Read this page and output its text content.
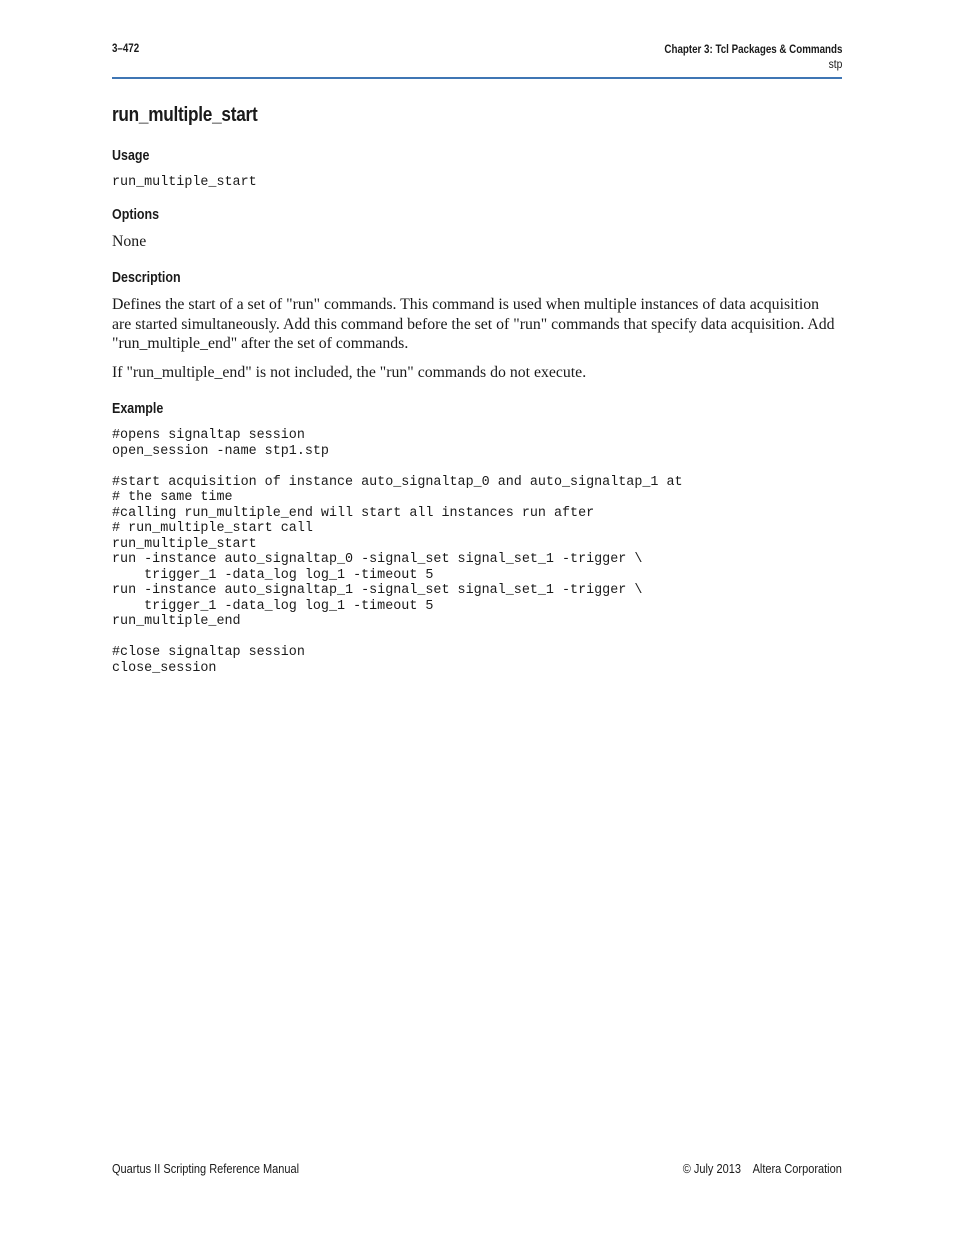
3–472	Chapter 3: Tcl Packages & Commands
stp
run_multiple_start
Usage
run_multiple_start
Options

None

Description

Defines the start of a set of "run" commands. This command is used when multiple instances of data acquisition are started simultaneously. Add this command before the set of "run" commands that specify data acquisition. Add "run_multiple_end" after the set of commands.

If "run_multiple_end" is not included, the "run" commands do not execute.

Example
#opens signaltap session
open_session -name stp1.stp

#start acquisition of instance auto_signaltap_0 and auto_signaltap_1 at
# the same time
#calling run_multiple_end will start all instances run after
# run_multiple_start call
run_multiple_start
run -instance auto_signaltap_0 -signal_set signal_set_1 -trigger \
trigger_1 -data_log log_1 -timeout 5
run -instance auto_signaltap_1 -signal_set signal_set_1 -trigger \
trigger_1 -data_log log_1 -timeout 5
run_multiple_end

#close signaltap session
close_session
Quartus II Scripting Reference Manual	© July 2013    Altera Corporation
